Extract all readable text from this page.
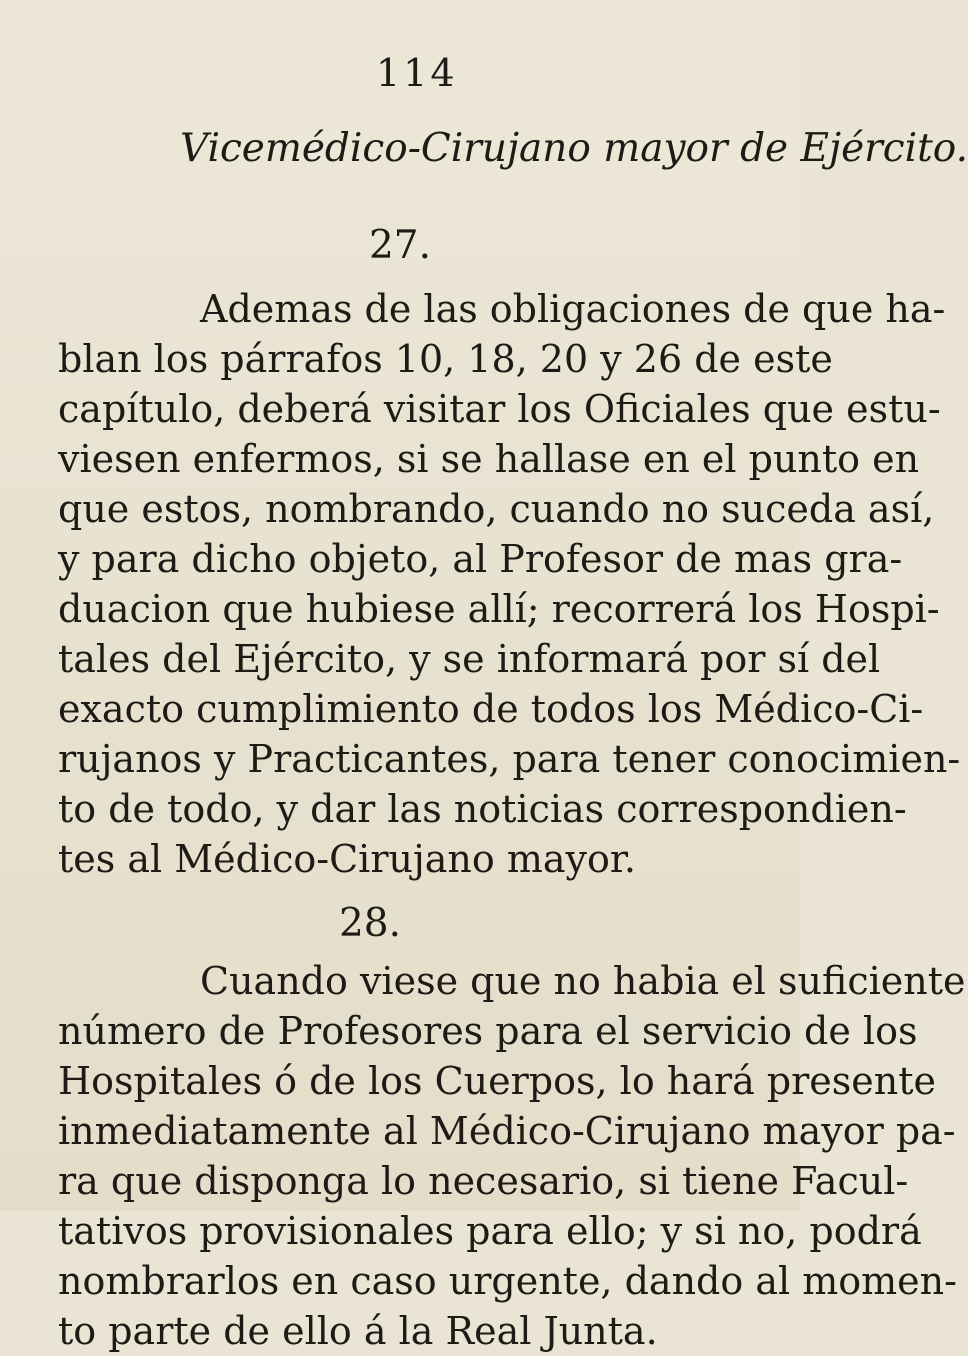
114
Vicemédico-Cirujano mayor de Ejército.
27.
Ademas de las obligaciones de que ha-
blan los párrafos 10, 18, 20 y 26 de este
capítulo, deberá visitar los Oficiales que estu-
viesen enfermos, si se hallase en el punto en
que estos, nombrando, cuando no suceda así,
y para dicho objeto, al Profesor de mas gra-
duacion que hubiese allí; recorrerá los Hospi-
tales del Ejército, y se informará por sí del
exacto cumplimiento de todos los Médico-Ci-
rujanos y Practicantes, para tener conocimien-
to de todo, y dar las noticias correspondien-
tes al Médico-Cirujano mayor.
28.
Cuando viese que no habia el suficiente
número de Profesores para el servicio de los
Hospitales ó de los Cuerpos, lo hará presente
inmediatamente al Médico-Cirujano mayor pa-
ra que disponga lo necesario, si tiene Facul-
tativos provisionales para ello; y si no, podrá
nombrarlos en caso urgente, dando al momen-
to parte de ello á la Real Junta.
